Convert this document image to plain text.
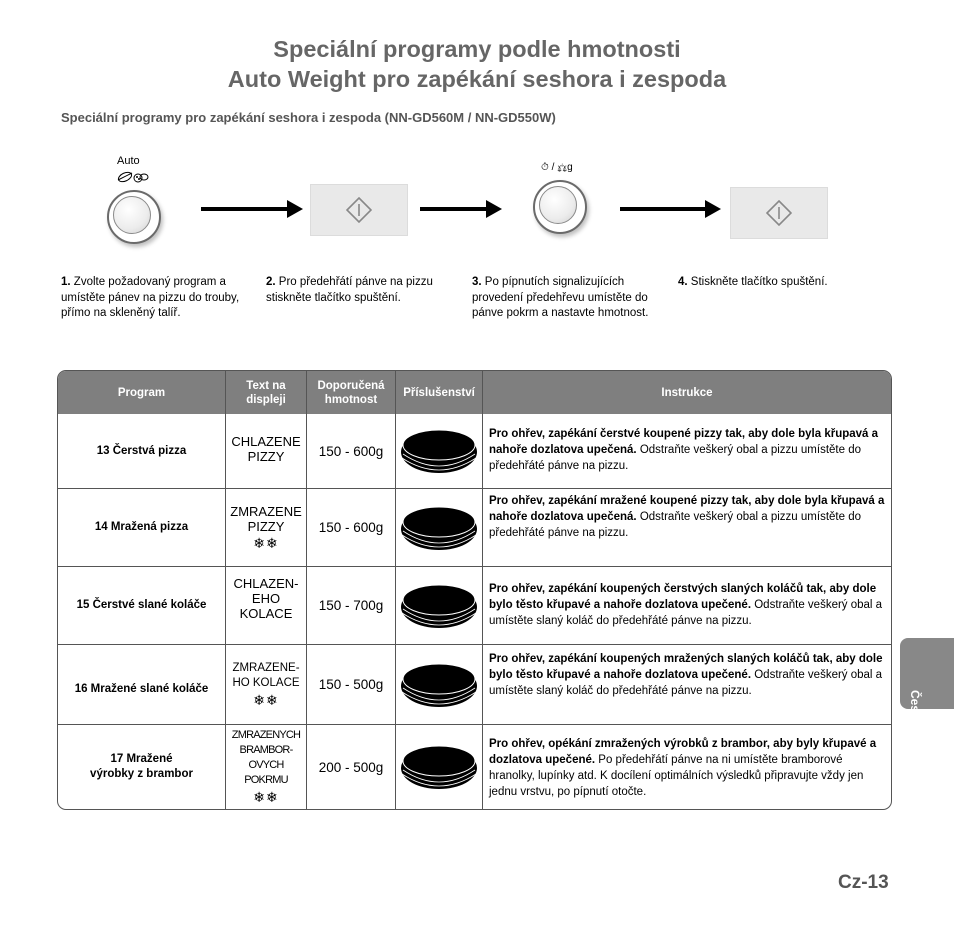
Speciální programy podle hmotnosti
Auto Weight pro zapékání seshora i zespoda
Speciální programy pro zapékání seshora i zespoda (NN-GD560M / NN-GD550W)
Auto
⏱ / ⚖g
1. Zvolte požadovaný program a umístěte pánev na pizzu do trouby, přímo na skleněný talíř.
2. Pro předehřátí pánve na pizzu stiskněte tlačítko spuštění.
3. Po pípnutích signalizujících provedení předehřevu umístěte do pánve pokrm a nastavte hmotnost.
4. Stiskněte tlačítko spuštění.
Program
Text na displeji
Doporučená hmotnost
Příslušenství	Instrukce
13 Čerstvá pizza
CHLAZENE PIZZY	150 - 600g
Pro ohřev, zapékání čerstvé koupené pizzy tak, aby dole byla křupavá a nahoře dozlatova upečená. Odstraňte veškerý obal a pizzu umístěte do předehřáté pánve na pizzu.
14 Mražená pizza
ZMRAZENE PIZZY
❄❄
150 - 600g
Pro ohřev, zapékání mražené koupené pizzy tak, aby dole byla křupavá a nahoře dozlatova upečená. Odstraňte veškerý obal a pizzu umístěte do předehřáté pánve na pizzu.
15 Čerstvé slané koláče
CHLAZEN-EHO KOLACE	150 - 700g
Pro ohřev, zapékání koupených čerstvých slaných koláčů tak, aby dole bylo těsto křupavé a nahoře dozlatova upečené. Odstraňte veškerý obal a umístěte slaný koláč do předehřáté pánve na pizzu.
16 Mražené slané koláče
ZMRAZENE-HO KOLACE
❄❄
150 - 500g
Pro ohřev, zapékání koupených mražených slaných koláčů tak, aby dole bylo těsto křupavé a nahoře dozlatova upečené. Odstraňte veškerý obal a umístěte slaný koláč do předehřáté pánve na pizzu.
17 Mražené výrobky z brambor
ZMRAZENYCH BRAMBOR-OVYCH POKRMU
❄❄
200 - 500g
Pro ohřev, opékání zmražených výrobků z brambor, aby byly křupavé a dozlatova upečené. Po předehřátí pánve na ni umístěte bramborové hranolky, lupínky atd. K docílení optimálních výsledků připravujte vždy jen jednu vrstvu, po pípnutí otočte.
Česky
Cz-13
